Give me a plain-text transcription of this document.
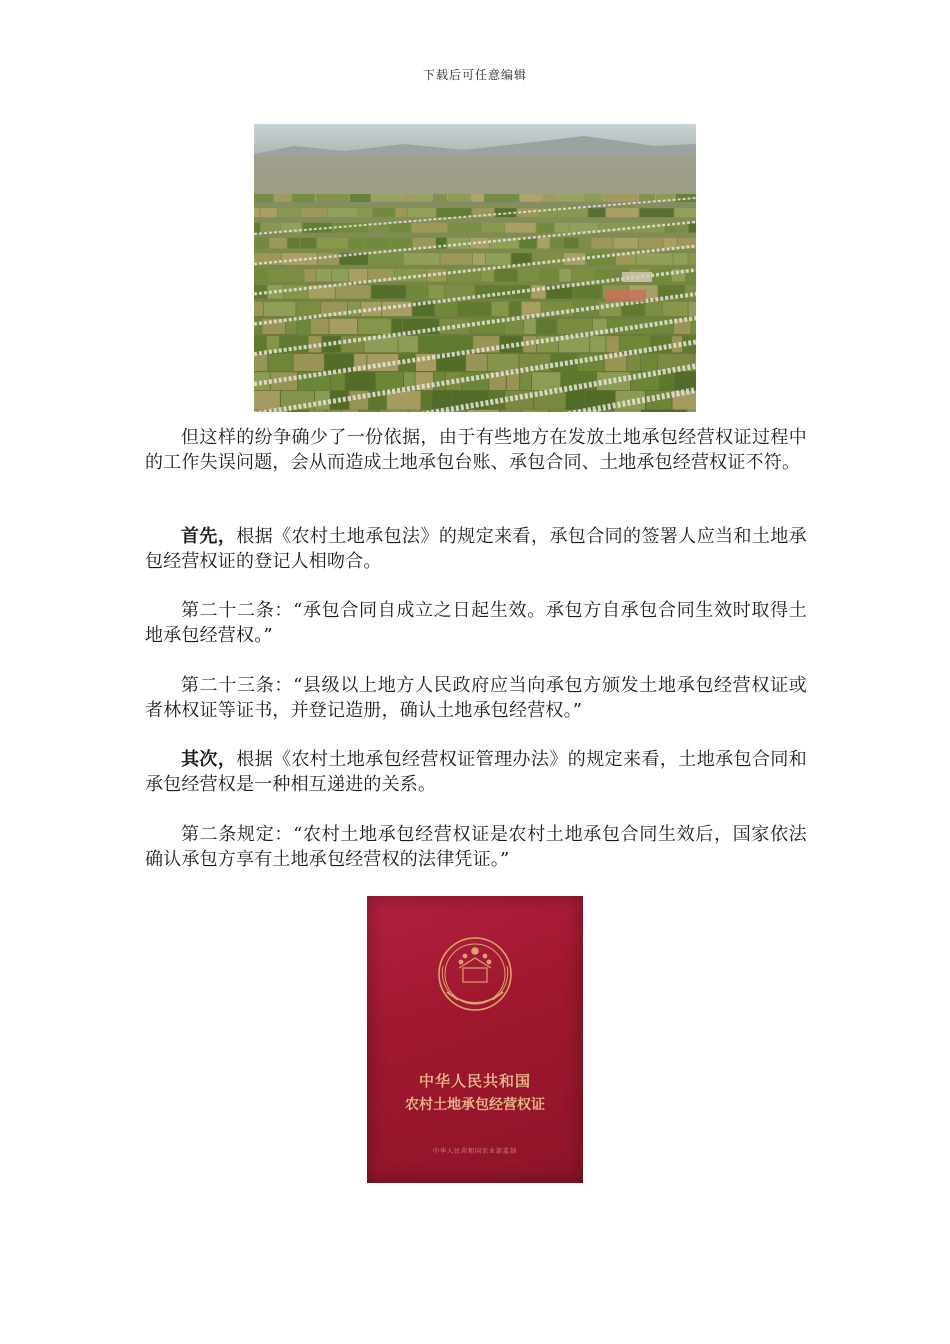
下载后可任意编辑

但这样的纷争确少了一份依据，由于有些地方在发放土地承包经营权证过程中的工作失误问题，会从而造成土地承包台账、承包合同、土地承包经营权证不符。

首先，根据《农村土地承包法》的规定来看，承包合同的签署人应当和土地承包经营权证的登记人相吻合。

第二十二条：“承包合同自成立之日起生效。承包方自承包合同生效时取得土地承包经营权。”

第二十三条：“县级以上地方人民政府应当向承包方颁发土地承包经营权证或者林权证等证书，并登记造册，确认土地承包经营权。”

其次，根据《农村土地承包经营权证管理办法》的规定来看，土地承包合同和承包经营权是一种相互递进的关系。

第二条规定：“农村土地承包经营权证是农村土地承包合同生效后，国家依法确认承包方享有土地承包经营权的法律凭证。”

中华人民共和国
农村土地承包经营权证
中华人民共和国农业部监制
